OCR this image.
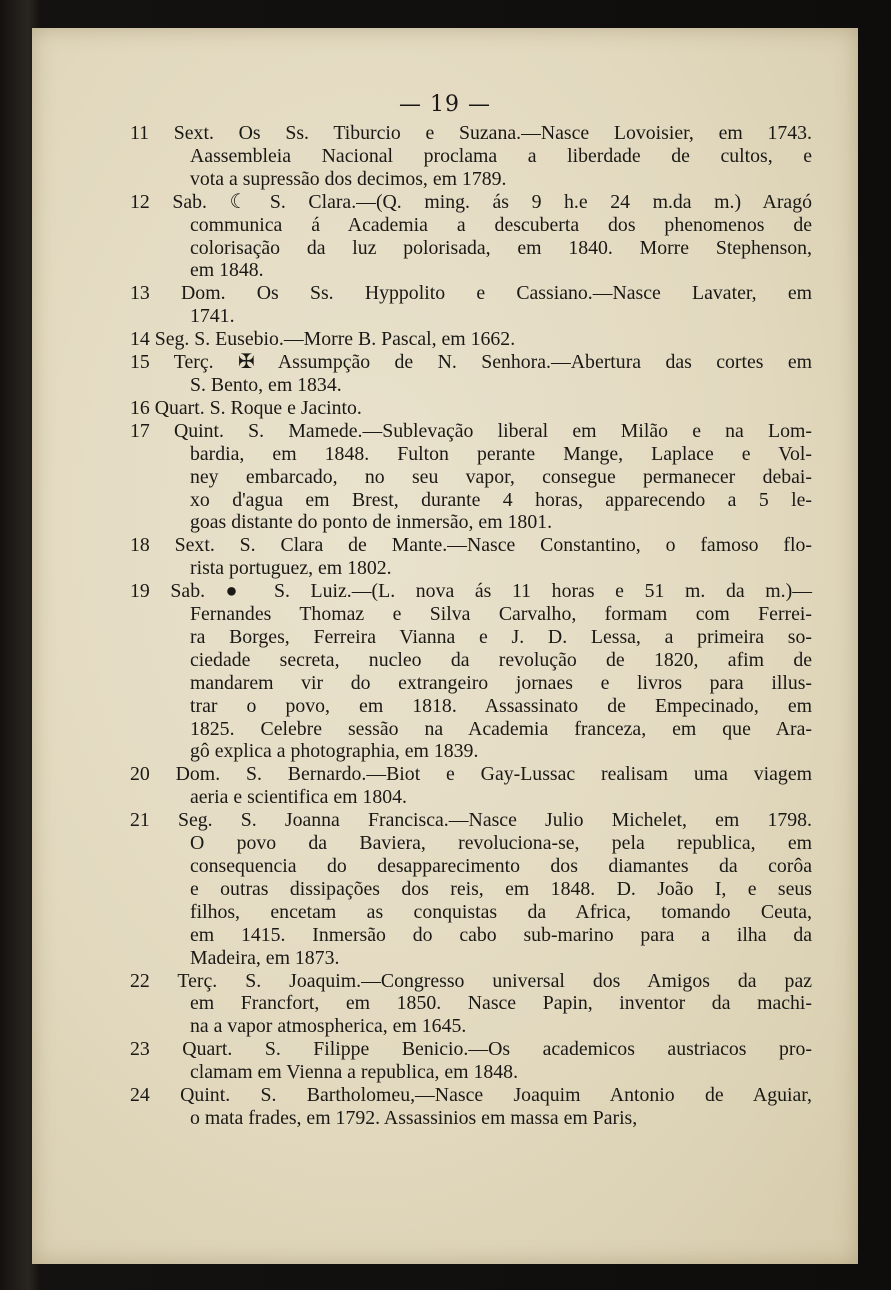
— 19 —
11 Sext. Os Ss. Tiburcio e Suzana.—Nasce Lovoisier, em 1743.
Aassembleia Nacional proclama a liberdade de cultos, e
vota a supressão dos decimos, em 1789.
12 Sab. ☾ S. Clara.—(Q. ming. ás 9 h.e 24 m.da m.) Aragó
communica á Academia a descuberta dos phenomenos de
colorisação da luz polorisada, em 1840. Morre Stephenson,
em 1848.
13 Dom. Os Ss. Hyppolito e Cassiano.—Nasce Lavater, em
1741.
14 Seg. S. Eusebio.—Morre B. Pascal, em 1662.
15 Terç. ✠ Assumpção de N. Senhora.—Abertura das cortes em
S. Bento, em 1834.
16 Quart. S. Roque e Jacinto.
17 Quint. S. Mamede.—Sublevação liberal em Milão e na Lom-
bardia, em 1848. Fulton perante Mange, Laplace e Vol-
ney embarcado, no seu vapor, consegue permanecer debai-
xo d'agua em Brest, durante 4 horas, apparecendo a 5 le-
goas distante do ponto de inmersão, em 1801.
18 Sext. S. Clara de Mante.—Nasce Constantino, o famoso flo-
rista portuguez, em 1802.
19 Sab. ● S. Luiz.—(L. nova ás 11 horas e 51 m. da m.)—
Fernandes Thomaz e Silva Carvalho, formam com Ferrei-
ra Borges, Ferreira Vianna e J. D. Lessa, a primeira so-
ciedade secreta, nucleo da revolução de 1820, afim de
mandarem vir do extrangeiro jornaes e livros para illus-
trar o povo, em 1818. Assassinato de Empecinado, em
1825. Celebre sessão na Academia franceza, em que Ara-
gô explica a photographia, em 1839.
20 Dom. S. Bernardo.—Biot e Gay-Lussac realisam uma viagem
aeria e scientifica em 1804.
21 Seg. S. Joanna Francisca.—Nasce Julio Michelet, em 1798.
O povo da Baviera, revoluciona-se, pela republica, em
consequencia do desapparecimento dos diamantes da corôa
e outras dissipações dos reis, em 1848. D. João I, e seus
filhos, encetam as conquistas da Africa, tomando Ceuta,
em 1415. Inmersão do cabo sub-marino para a ilha da
Madeira, em 1873.
22 Terç. S. Joaquim.—Congresso universal dos Amigos da paz
em Francfort, em 1850. Nasce Papin, inventor da machi-
na a vapor atmospherica, em 1645.
23 Quart. S. Filippe Benicio.—Os academicos austriacos pro-
clamam em Vienna a republica, em 1848.
24 Quint. S. Bartholomeu,—Nasce Joaquim Antonio de Aguiar,
o mata frades, em 1792. Assassinios em massa em Paris,
